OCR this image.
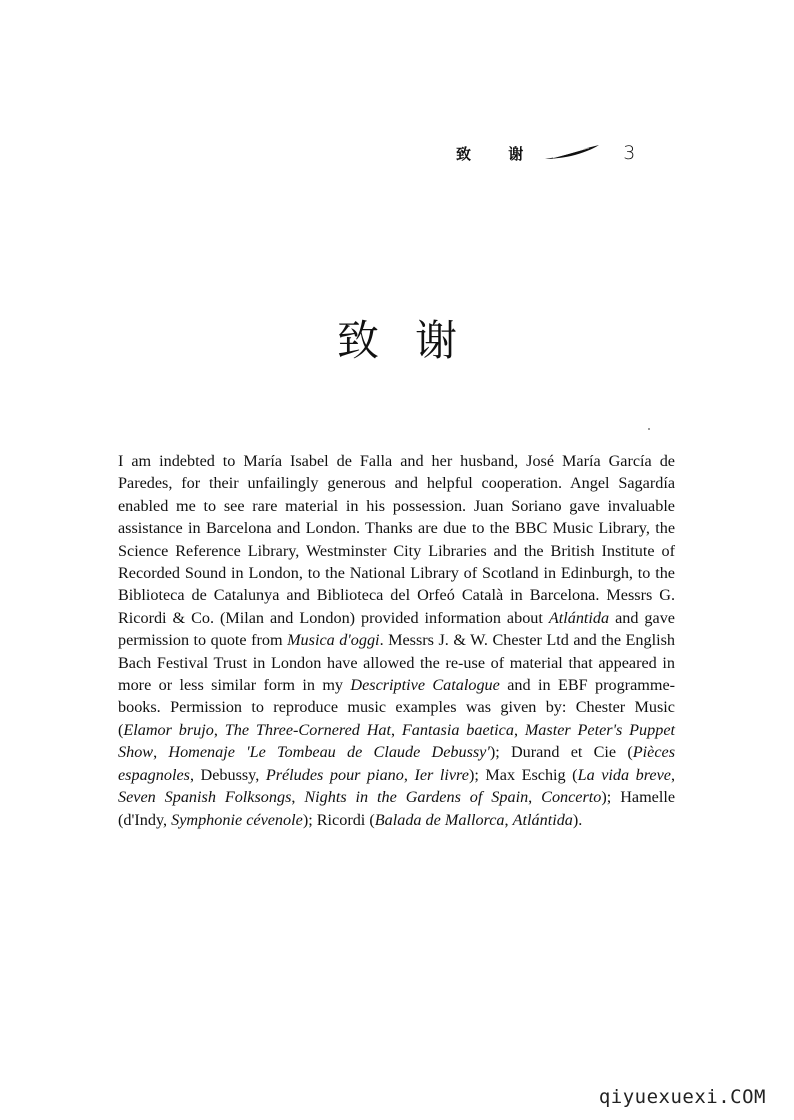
致 谢	3
致谢

I am indebted to María Isabel de Falla and her husband, José María García de Paredes, for their unfailingly generous and helpful cooperation. Angel Sagardía enabled me to see rare material in his possession. Juan Soriano gave invaluable assistance in Barcelona and London. Thanks are due to the BBC Music Library, the Science Reference Library, Westminster City Libraries and the British Institute of Recorded Sound in London, to the National Library of Scotland in Edinburgh, to the Biblioteca de Catalunya and Biblioteca del Orfeó Català in Barcelona. Messrs G. Ricordi & Co. (Milan and London) provided information about Atlántida and gave permission to quote from Musica d'oggi. Messrs J. & W. Chester Ltd and the English Bach Festival Trust in London have allowed the re-use of material that appeared in more or less similar form in my Descriptive Catalogue and in EBF programme-books. Permission to reproduce music examples was given by: Chester Music (Elamor brujo, The Three-Cornered Hat, Fantasia baetica, Master Peter's Puppet Show, Homenaje 'Le Tombeau de Claude Debussy'); Durand et Cie (Pièces espagnoles, Debussy, Préludes pour piano, Ier livre); Max Eschig (La vida breve, Seven Spanish Folksongs, Nights in the Gardens of Spain, Concerto); Hamelle (d'Indy, Symphonie cévenole); Ricordi (Balada de Mallorca, Atlántida).

qiyuexuexi.COM
